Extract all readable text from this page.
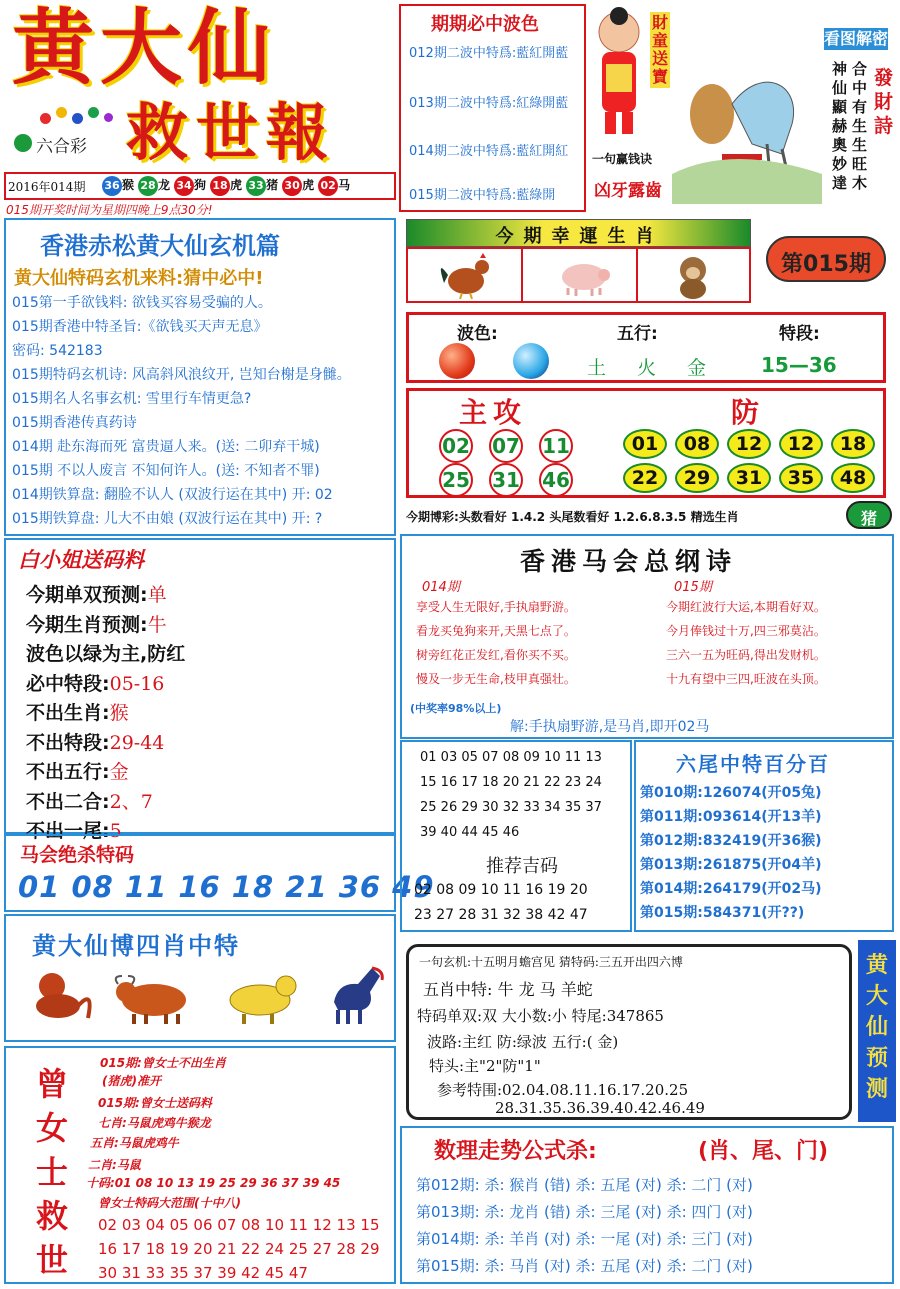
黄大仙
六合彩 救世報
2016年014期 36 猴 28 龙 34 狗 18 虎 33 猪 30 虎 02 马
015期开奖时间为星期四晚上9点30分!
期期必中波色
012期二波中特爲:藍紅開藍
013期二波中特爲:紅綠開藍
014期二波中特爲:藍紅開紅
015期二波中特爲:藍綠開
財童送寶
一句赢钱诀
凶牙露齒
看图解密
發財詩
合中有生生旺木
神仙顯赫奧妙達
香港赤松黄大仙玄机篇
黄大仙特码玄机来料:猜中必中!
015第一手欲钱料: 欲钱买容易受骗的人。
015期香港中特圣旨:《欲钱买天声无息》
密码: 542183
015期特码玄机诗: 风高斜风浪纹开, 岂知台榭是身雠。
015期名人名事玄机: 雪里行车情更急?
015期香港传真药诗
014期 赴东海而死 富贵逼人来。(送: 二卯弃干城)
015期 不以人废言 不知何许人。(送: 不知者不罪)
014期铁算盘: 翻脸不认人 (双波行运在其中) 开: 02
015期铁算盘: 儿大不由娘 (双波行运在其中) 开: ?
今期幸運生肖
第015期
波色:	五行:	特段:
土 火 金	15—36
主攻	防
02 07 11
25 31 46
01	08	12	12	18
22	29	31	35	48
今期博彩:头数看好 1.4.2 头尾数看好 1.2.6.8.3.5 精选生肖	猪
白小姐送码料
今期单双预测:单
今期生肖预测:牛
波色以绿为主,防红
必中特段:05-16
不出生肖:猴
不出特段:29-44
不出五行:金
不出二合:2、7
不出一尾:5
马会绝杀特码
01 08 11 16 18 21 36 49
黄大仙博四肖中特
曾女士救世
015期:曾女士不出生肖
(猪虎)准开
015期:曾女士送码料
七肖:马鼠虎鸡牛猴龙
五肖:马鼠虎鸡牛
二肖:马鼠
十码:01 08 10 13 19 25 29 36 37 39 45
曾女士特码大范围(十中八)
02 03 04 05 06 07 08 10 11 12 13 15
16 17 18 19 20 21 22 24 25 27 28 29
30 31 33 35 37 39 42 45 47
香港马会总纲诗
014期	015期
(中奖率98%以上)
解:手执扇野游,是马肖,即开02马
享受人生无限好,手执扇野游。
看龙买兔狗来开,天黑七点了。
树旁红花正发红,看你买不买。
慢及一步无生命,枝甲真强壮。
今期红波行大运,本期看好双。
今月俸钱过十万,四三邪莫沾。
三六一五为旺码,得出发财机。
十九有望中三四,旺波在头顶。
推荐吉码
01 03 05 07 08 09 10 11 13
15 16 17 18 20 21 22 23 24
25 26 29 30 32 33 34 35 37
39 40 44 45 46
02 08 09 10 11 16 19 20
23 27 28 31 32 38 42 47
六尾中特百分百
第010期:126074(开05兔)
第011期:093614(开13羊)
第012期:832419(开36猴)
第013期:261875(开04羊)
第014期:264179(开02马)
第015期:584371(开??)
一句玄机:十五明月蟾宫见 猜特码:三五开出四六博
五肖中特: 牛 龙 马 羊蛇
特码单双:双 大小数:小 特尾:347865
波路:主红 防:绿波 五行:( 金)
特头:主"2"防"1"
参考特围:02.04.08.11.16.17.20.25
28.31.35.36.39.40.42.46.49
黄大仙预测
数理走势公式杀:	(肖、尾、门)
第012期: 杀: 猴肖 (错) 杀: 五尾 (对) 杀: 二门 (对)
第013期: 杀: 龙肖 (错) 杀: 三尾 (对) 杀: 四门 (对)
第014期: 杀: 羊肖 (对) 杀: 一尾 (对) 杀: 三门 (对)
第015期: 杀: 马肖 (对) 杀: 五尾 (对) 杀: 二门 (对)
